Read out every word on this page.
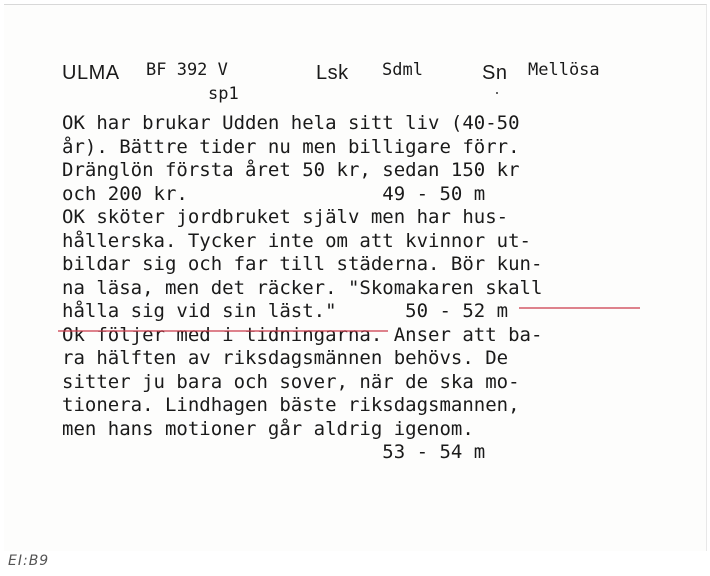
ULMA BF 392 V
sp1
Lsk Sdml	Sn Mellösa
OK har brukar Udden hela sitt liv (40-50
år). Bättre tider nu men billigare förr.
Dränglön första året 50 kr, sedan 150 kr
och 200 kr.                 49 - 50 m
OK sköter jordbruket själv men har hus-
hållerska. Tycker inte om att kvinnor ut-
bildar sig och far till städerna. Bör kun-
na läsa, men det räcker. "Skomakaren skall
hålla sig vid sin läst."      50 - 52 m
Ok följer med i tidningarna. Anser att ba-
ra hälften av riksdagsmännen behövs. De
sitter ju bara och sover, när de ska mo-
tionera. Lindhagen bäste riksdagsmannen,
men hans motioner går aldrig igenom.
53 - 54 m
EI:B9
